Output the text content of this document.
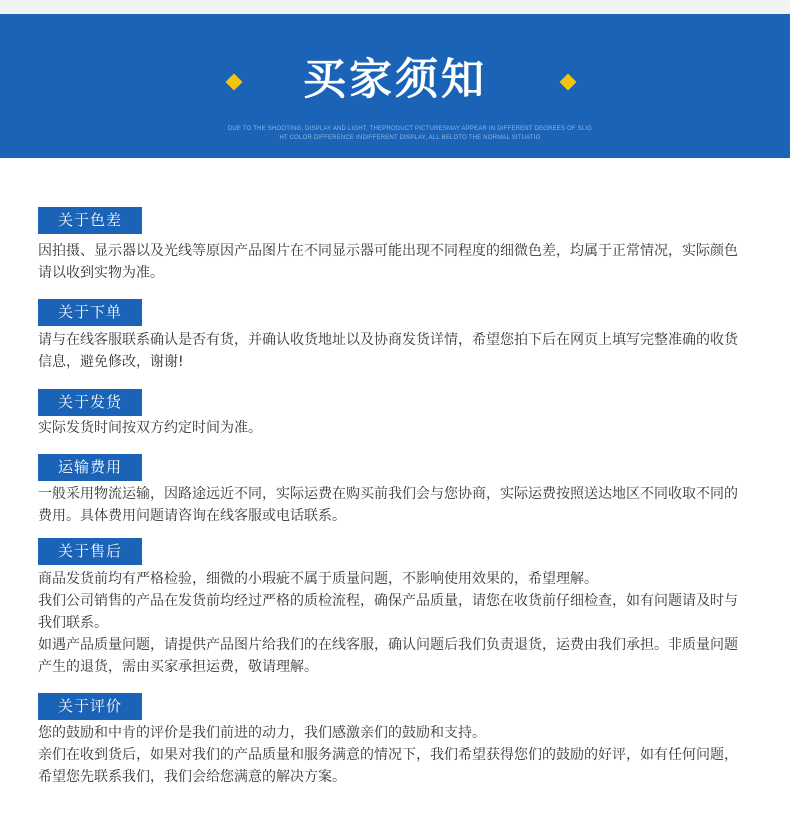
买家须知
DUE TO THE SHOOTING, DISPLAY AND LIGHT, THEPRODUCT PICTURESMAY APPEAR IN DIFFERENT DEGREES OF SLIG
HT COLOR DIFFERENCE INDIFFERENT DISPLAY, ALL BELOTO THE NORMAL SITUATIO
关于色差

因拍摄、显示器以及光线等原因产品图片在不同显示器可能出现不同程度的细微色差，均属于正常情况，实际颜色请以收到实物为准。

关于下单

请与在线客服联系确认是否有货，并确认收货地址以及协商发货详情，希望您拍下后在网页上填写完整准确的收货信息，避免修改，谢谢!

关于发货

实际发货时间按双方约定时间为准。

运输费用

一般采用物流运输，因路途远近不同，实际运费在购买前我们会与您协商，实际运费按照送达地区不同收取不同的费用。具体费用问题请咨询在线客服或电话联系。

关于售后

商品发货前均有严格检验，细微的小瑕疵不属于质量问题，不影响使用效果的，希望理解。

我们公司销售的产品在发货前均经过严格的质检流程，确保产品质量，请您在收货前仔细检查，如有问题请及时与我们联系。

如遇产品质量问题，请提供产品图片给我们的在线客服，确认问题后我们负责退货，运费由我们承担。非质量问题产生的退货，需由买家承担运费，敬请理解。

关于评价

您的鼓励和中肯的评价是我们前进的动力，我们感激亲们的鼓励和支持。

亲们在收到货后，如果对我们的产品质量和服务满意的情况下，我们希望获得您们的鼓励的好评，如有任何问题，希望您先联系我们，我们会给您满意的解决方案。
